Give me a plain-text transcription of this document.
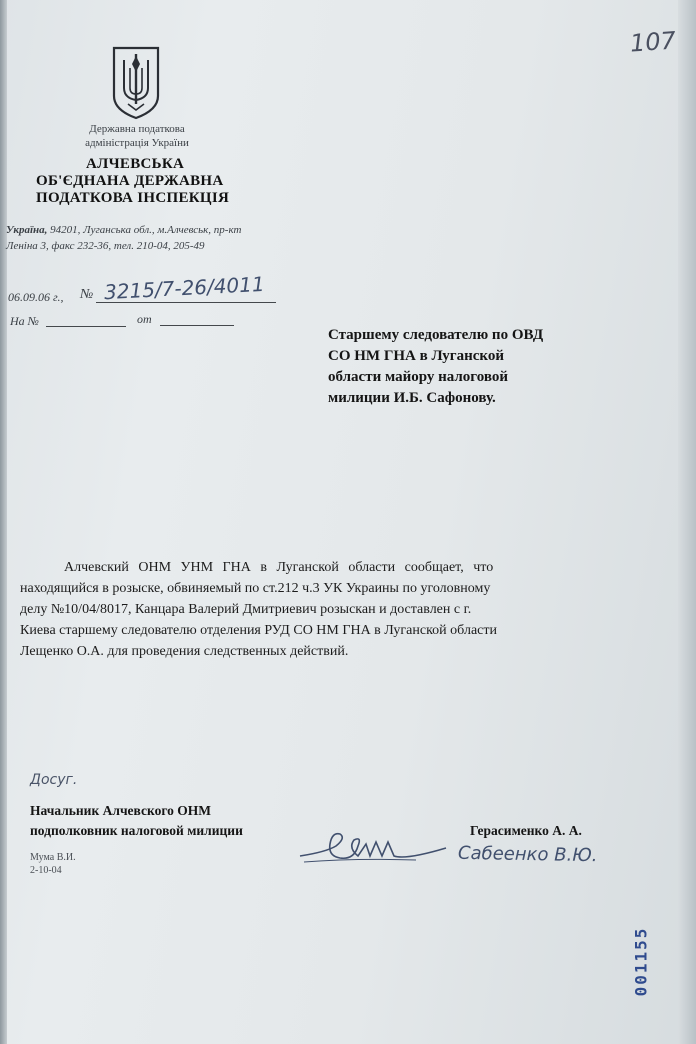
107
Державна податкова
адміністрація України
АЛЧЕВСЬКА
ОБ'ЄДНАНА ДЕРЖАВНА
ПОДАТКОВА ІНСПЕКЦІЯ
Україна, 94201, Луганська обл., м.Алчевськ, пр-кт
Леніна 3, факс 232-36, тел. 210-04, 205-49
06.09.06 г., № 3215/7-26/4011
На №	от
Старшему следователю по ОВД
СО НМ ГНА в Луганской
области майору налоговой
милиции И.Б. Сафонову.
Алчевский ОНМ УНМ ГНА в Луганской области сообщает, что
находящийся в розыске, обвиняемый по ст.212 ч.3 УК Украины по уголовному
делу №10/04/8017, Канцара Валерий Дмитриевич розыскан и доставлен с г.
Киева старшему следователю отделения РУД СО НМ ГНА в Луганской области
Лещенко О.А. для проведения следственных действий.
Досуг.
Начальник Алчевского ОНМ
подполковник налоговой милиции	Герасименко А. А.
Сабеенко В.Ю.
Мума В.И.
2-10-04
001155
